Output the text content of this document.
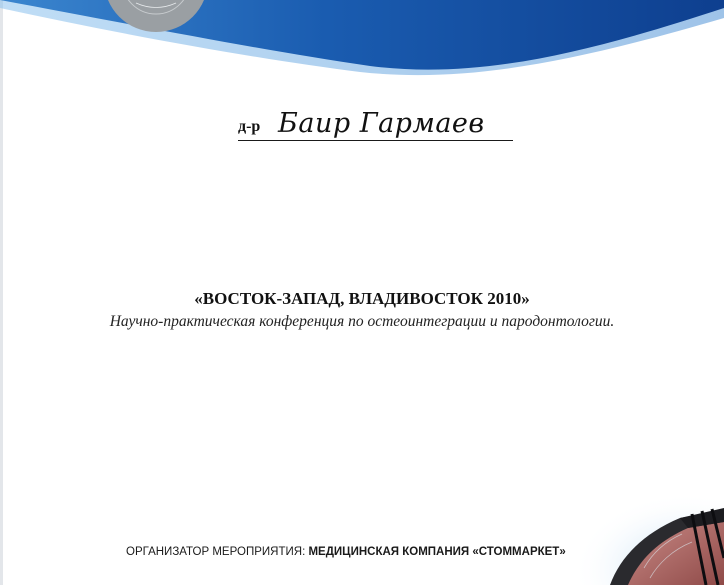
д-р Баир Гармаев
«ВОСТОК-ЗАПАД, ВЛАДИВОСТОК 2010»
Научно-практическая конференция по остеоинтеграции и пародонтологии.
ОРГАНИЗАТОР МЕРОПРИЯТИЯ: МЕДИЦИНСКАЯ КОМПАНИЯ «СТОММАРКЕТ»
